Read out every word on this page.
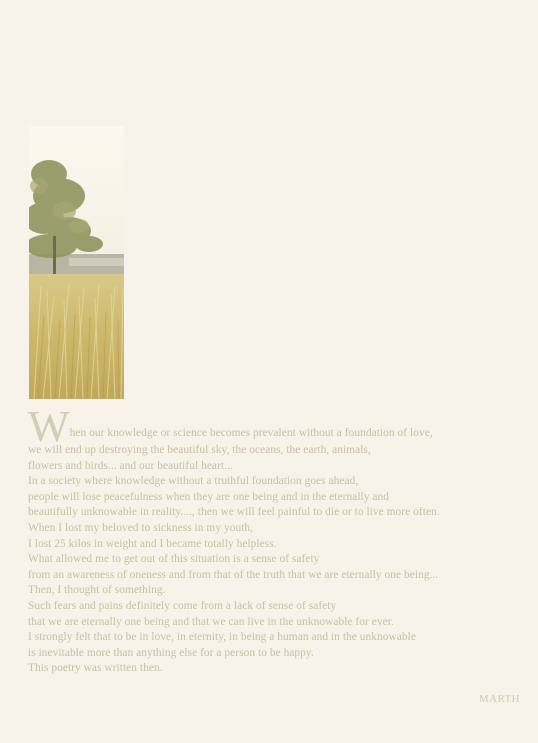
W hen our knowledge or science becomes prevalent without a foundation of love,
we will end up destroying the beautiful sky, the oceans, the earth, animals,
flowers and birds... and our beautiful heart...
In a society where knowledge without a truthful foundation goes ahead,
people will lose peacefulness when they are one being and in the eternally and
beautifully unknowable in reality...., then we will feel painful to die or to live more often.
When I lost my beloved to sickness in my youth,
I lost 25 kilos in weight and I became totally helpless.
What allowed me to get out of this situation is a sense of safety
from an awareness of oneness and from that of the truth that we are eternally one being...
Then, I thought of something.
Such fears and pains definitely come from a lack of sense of safety
that we are eternally one being and that we can live in the unknowable for ever.
I strongly felt that to be in love, in eternity, in being a human and in the unknowable
is inevitable more than anything else for a person to be happy.
This poetry was written then.
MARTH
